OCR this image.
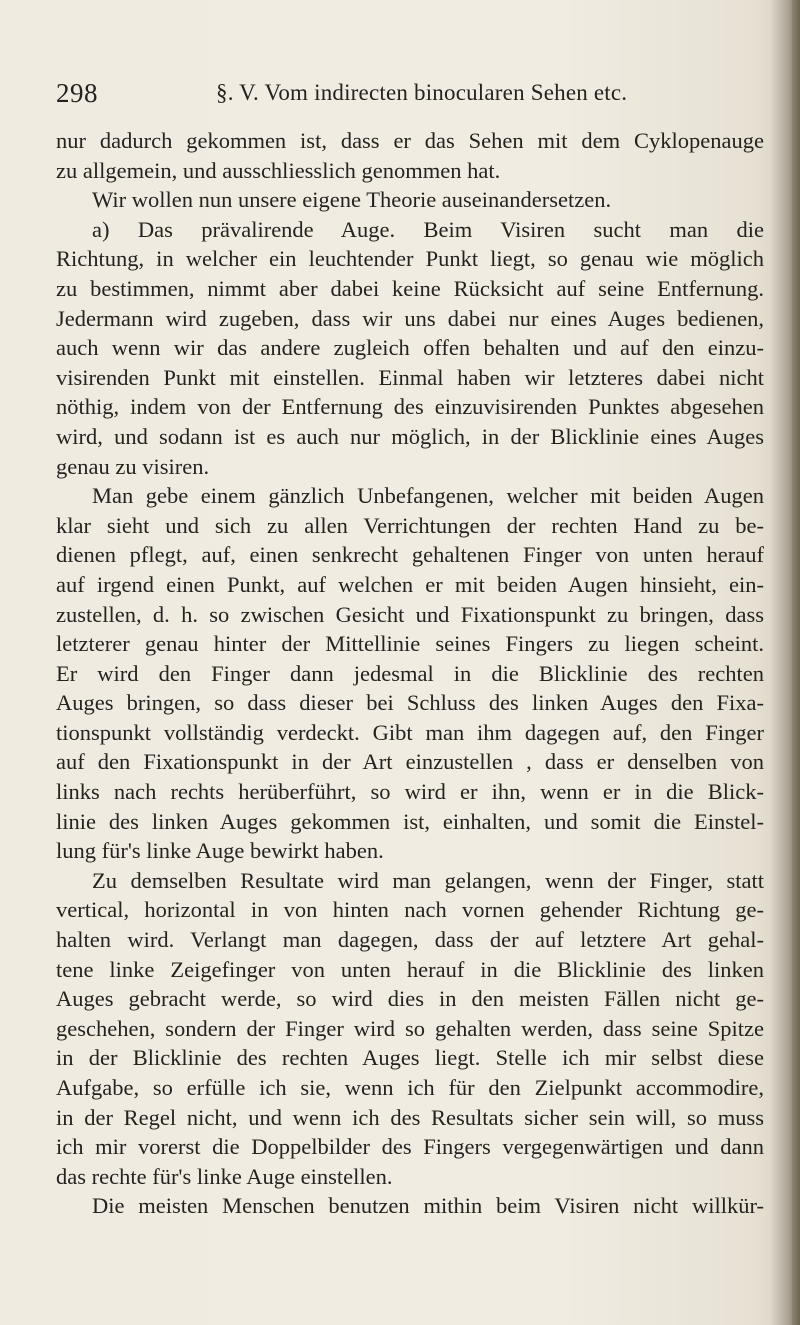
298	§. V. Vom indirecten binocularen Sehen etc.
nur dadurch gekommen ist, dass er das Sehen mit dem Cyklopenauge
zu allgemein, und ausschliesslich genommen hat.
Wir wollen nun unsere eigene Theorie auseinandersetzen.
a) Das prävalirende Auge. Beim Visiren sucht man die
Richtung, in welcher ein leuchtender Punkt liegt, so genau wie möglich
zu bestimmen, nimmt aber dabei keine Rücksicht auf seine Entfernung.
Jedermann wird zugeben, dass wir uns dabei nur eines Auges bedienen,
auch wenn wir das andere zugleich offen behalten und auf den einzu-
visirenden Punkt mit einstellen. Einmal haben wir letzteres dabei nicht
nöthig, indem von der Entfernung des einzuvisirenden Punktes abgesehen
wird, und sodann ist es auch nur möglich, in der Blicklinie eines Auges
genau zu visiren.
Man gebe einem gänzlich Unbefangenen, welcher mit beiden Augen
klar sieht und sich zu allen Verrichtungen der rechten Hand zu be-
dienen pflegt, auf, einen senkrecht gehaltenen Finger von unten herauf
auf irgend einen Punkt, auf welchen er mit beiden Augen hinsieht, ein-
zustellen, d. h. so zwischen Gesicht und Fixationspunkt zu bringen, dass
letzterer genau hinter der Mittellinie seines Fingers zu liegen scheint.
Er wird den Finger dann jedesmal in die Blicklinie des rechten
Auges bringen, so dass dieser bei Schluss des linken Auges den Fixa-
tionspunkt vollständig verdeckt. Gibt man ihm dagegen auf, den Finger
auf den Fixationspunkt in der Art einzustellen , dass er denselben von
links nach rechts herüberführt, so wird er ihn, wenn er in die Blick-
linie des linken Auges gekommen ist, einhalten, und somit die Einstel-
lung für's linke Auge bewirkt haben.
Zu demselben Resultate wird man gelangen, wenn der Finger, statt
vertical, horizontal in von hinten nach vornen gehender Richtung ge-
halten wird. Verlangt man dagegen, dass der auf letztere Art gehal-
tene linke Zeigefinger von unten herauf in die Blicklinie des linken
Auges gebracht werde, so wird dies in den meisten Fällen nicht ge-
geschehen, sondern der Finger wird so gehalten werden, dass seine Spitze
in der Blicklinie des rechten Auges liegt. Stelle ich mir selbst diese
Aufgabe, so erfülle ich sie, wenn ich für den Zielpunkt accommodire,
in der Regel nicht, und wenn ich des Resultats sicher sein will, so muss
ich mir vorerst die Doppelbilder des Fingers vergegenwärtigen und dann
das rechte für's linke Auge einstellen.
Die meisten Menschen benutzen mithin beim Visiren nicht willkür-
